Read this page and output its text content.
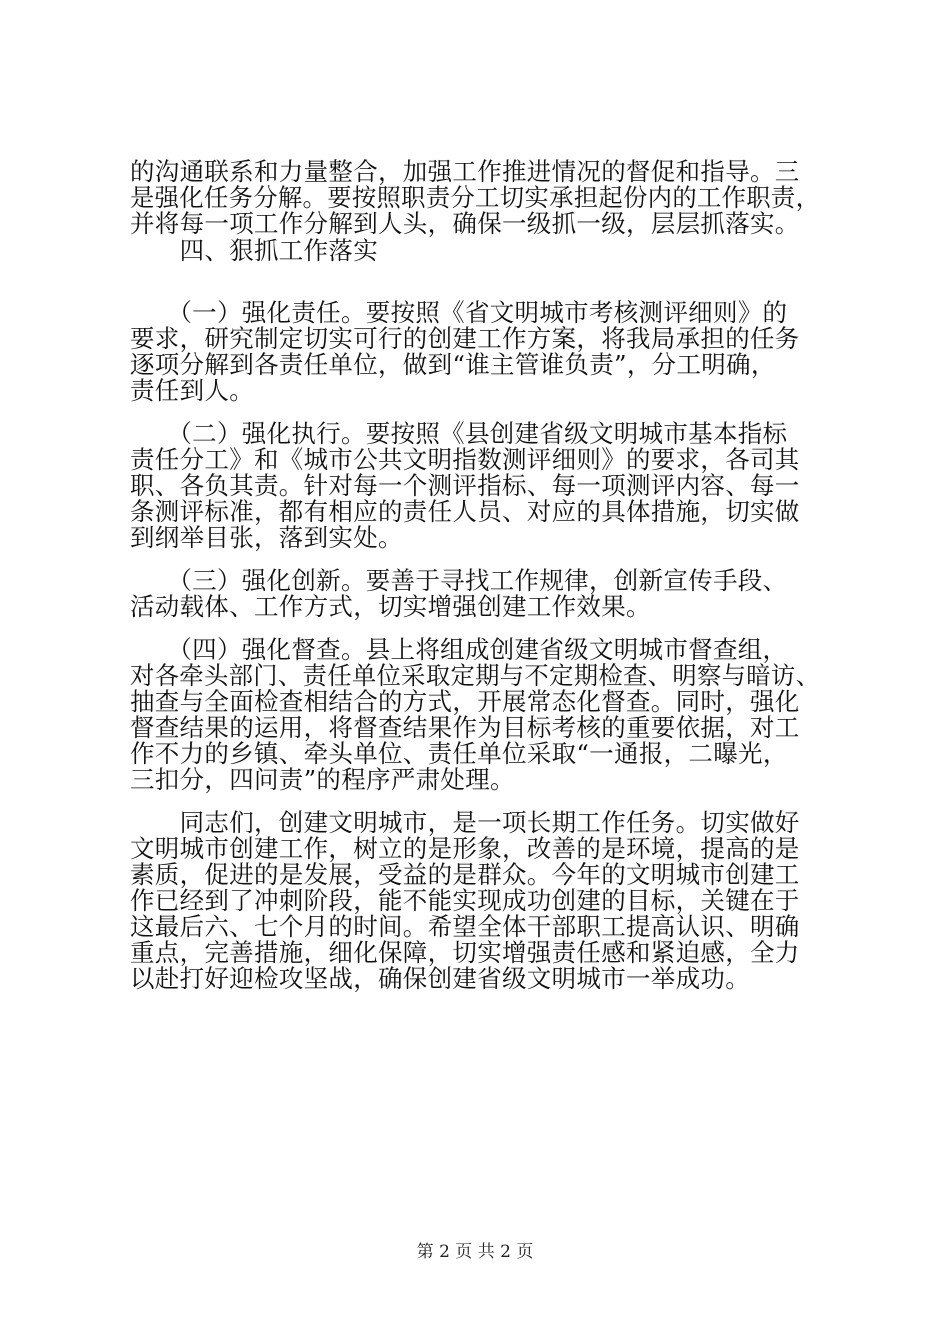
的沟通联系和力量整合，加强工作推进情况的督促和指导。三
是强化任务分解。要按照职责分工切实承担起份内的工作职责，
并将每一项工作分解到人头，确保一级抓一级，层层抓落实。
　　四、狠抓工作落实
　　（一）强化责任。要按照《省文明城市考核测评细则》的
要求，研究制定切实可行的创建工作方案，将我局承担的任务
逐项分解到各责任单位，做到“谁主管谁负责”，分工明确，
责任到人。
　　（二）强化执行。要按照《县创建省级文明城市基本指标
责任分工》和《城市公共文明指数测评细则》的要求，各司其
职、各负其责。针对每一个测评指标、每一项测评内容、每一
条测评标准，都有相应的责任人员、对应的具体措施，切实做
到纲举目张，落到实处。
　　（三）强化创新。要善于寻找工作规律，创新宣传手段、
活动载体、工作方式，切实增强创建工作效果。
　　（四）强化督查。县上将组成创建省级文明城市督查组，
对各牵头部门、责任单位采取定期与不定期检查、明察与暗访、
抽查与全面检查相结合的方式，开展常态化督查。同时，强化
督查结果的运用，将督查结果作为目标考核的重要依据，对工
作不力的乡镇、牵头单位、责任单位采取“一通报，二曝光，
三扣分，四问责”的程序严肃处理。
　　同志们，创建文明城市，是一项长期工作任务。切实做好
文明城市创建工作，树立的是形象，改善的是环境，提高的是
素质，促进的是发展，受益的是群众。今年的文明城市创建工
作已经到了冲刺阶段，能不能实现成功创建的目标，关键在于
这最后六、七个月的时间。希望全体干部职工提高认识、明确
重点，完善措施，细化保障，切实增强责任感和紧迫感，全力
以赴打好迎检攻坚战，确保创建省级文明城市一举成功。
第 2 页 共 2 页
